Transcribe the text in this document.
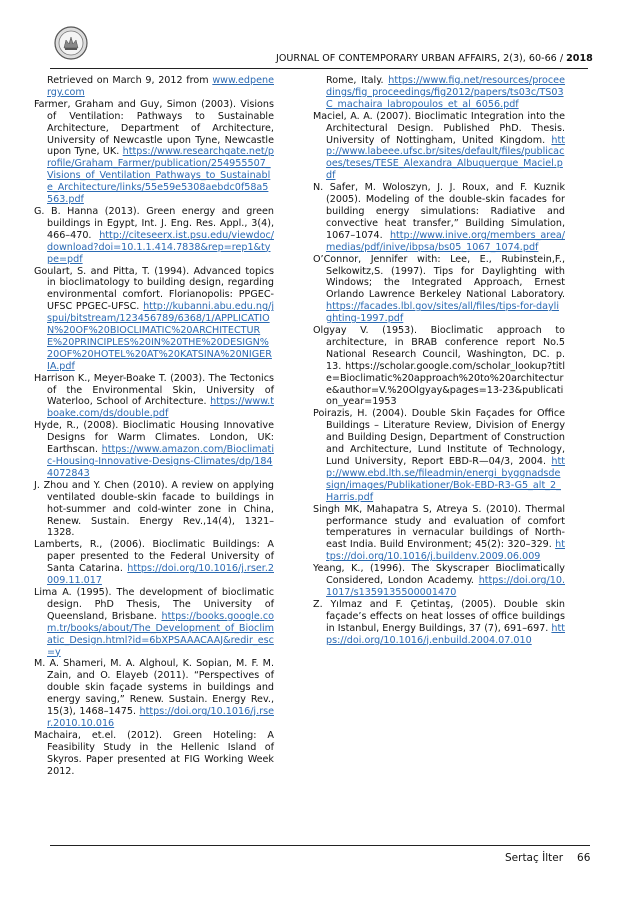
JOURNAL OF CONTEMPORARY URBAN AFFAIRS, 2(3), 60-66 / 2018
Retrieved on March 9, 2012 from www.edpenergy.com
Farmer, Graham and Guy, Simon (2003). Visions of Ventilation: Pathways to Sustainable Architecture, Department of Architecture, University of Newcastle upon Tyne, Newcastle upon Tyne, UK. https://www.researchgate.net/profile/Graham_Farmer/publication/254955507_Visions_of_Ventilation_Pathways_to_Sustainable_Architecture/links/55e59e5308aebdc0f58a5563.pdf
G. B. Hanna (2013). Green energy and green buildings in Egypt, Int. J. Eng. Res. Appl., 3(4), 466–470. http://citeseerx.ist.psu.edu/viewdoc/download?doi=10.1.1.414.7838&rep=rep1&type=pdf
Goulart, S. and Pitta, T. (1994). Advanced topics in bioclimatology to building design, regarding environmental comfort. Florianopolis: PPGEC-UFSC PPGEC-UFSC. http://kubanni.abu.edu.ng/jspui/bitstream/123456789/6368/1/APPLICATION%20OF%20BIOCLIMATIC%20ARCHITECTURE%20PRINCIPLES%20IN%20THE%20DESIGN%20OF%20HOTEL%20AT%20KATSINA%20NIGERIA.pdf
Harrison K., Meyer-Boake T. (2003). The Tectonics of the Environmental Skin, University of Waterloo, School of Architecture. https://www.tboake.com/ds/double.pdf
Hyde, R., (2008). Bioclimatic Housing Innovative Designs for Warm Climates. London, UK: Earthscan. https://www.amazon.com/Bioclimatic-Housing-Innovative-Designs-Climates/dp/1844072843
J. Zhou and Y. Chen (2010). A review on applying ventilated double-skin facade to buildings in hot-summer and cold-winter zone in China, Renew. Sustain. Energy Rev.,14(4), 1321–1328.
Lamberts, R., (2006). Bioclimatic Buildings: A paper presented to the Federal University of Santa Catarina. https://doi.org/10.1016/j.rser.2009.11.017
Lima A. (1995). The development of bioclimatic design. PhD Thesis, The University of Queensland, Brisbane. https://books.google.com.tr/books/about/The_Development_of_Bioclimatic_Design.html?id=6bXPSAAACAAJ&redir_esc=y
M. A. Shameri, M. A. Alghoul, K. Sopian, M. F. M. Zain, and O. Elayeb (2011). “Perspectives of double skin façade systems in buildings and energy saving,” Renew. Sustain. Energy Rev., 15(3), 1468–1475. https://doi.org/10.1016/j.rser.2010.10.016
Machaira, et.el. (2012). Green Hoteling: A Feasibility Study in the Hellenic Island of Skyros. Paper presented at FIG Working Week 2012.
Rome, Italy. https://www.fig.net/resources/proceedings/fig_proceedings/fig2012/papers/ts03c/TS03C_machaira_labropoulos_et_al_6056.pdf
Maciel, A. A. (2007). Bioclimatic Integration into the Architectural Design. Published PhD. Thesis. University of Nottingham, United Kingdom. http://www.labeee.ufsc.br/sites/default/files/publicacoes/teses/TESE_Alexandra_Albuquerque_Maciel.pdf
N. Safer, M. Woloszyn, J. J. Roux, and F. Kuznik (2005). Modeling of the double-skin facades for building energy simulations: Radiative and convective heat transfer,” Building Simulation, 1067–1074. http://www.inive.org/members_area/medias/pdf/inive/ibpsa/bs05_1067_1074.pdf
O’Connor, Jennifer with: Lee, E., Rubinstein,F., Selkowitz,S. (1997). Tips for Daylighting with Windows; the Integrated Approach, Ernest Orlando Lawrence Berkeley National Laboratory. https://facades.lbl.gov/sites/all/files/tips-for-daylighting-1997.pdf
Olgyay V. (1953). Bioclimatic approach to architecture, in BRAB conference report No.5 National Research Council, Washington, DC. p. 13. https://scholar.google.com/scholar_lookup?title=Bioclimatic%20approach%20to%20architecture&author=V.%20Olgyay&pages=13-23&publication_year=1953
Poirazis, H. (2004). Double Skin Façades for Office Buildings – Literature Review, Division of Energy and Building Design, Department of Construction and Architecture, Lund Institute of Technology, Lund University, Report EBD-R—04/3, 2004. http://www.ebd.lth.se/fileadmin/energi_byggnadsdesign/images/Publikationer/Bok-EBD-R3-G5_alt_2_Harris.pdf
Singh MK, Mahapatra S, Atreya S. (2010). Thermal performance study and evaluation of comfort temperatures in vernacular buildings of North-east India. Build Environment; 45(2): 320–329. https://doi.org/10.1016/j.buildenv.2009.06.009
Yeang, K., (1996). The Skyscraper Bioclimatically Considered, London Academy. https://doi.org/10.1017/s1359135500001470
Z. Yılmaz and F. Çetintaş, (2005). Double skin façade’s effects on heat losses of office buildings in Istanbul, Energy Buildings, 37 (7), 691–697. https://doi.org/10.1016/j.enbuild.2004.07.010
Sertaç İlter 66
